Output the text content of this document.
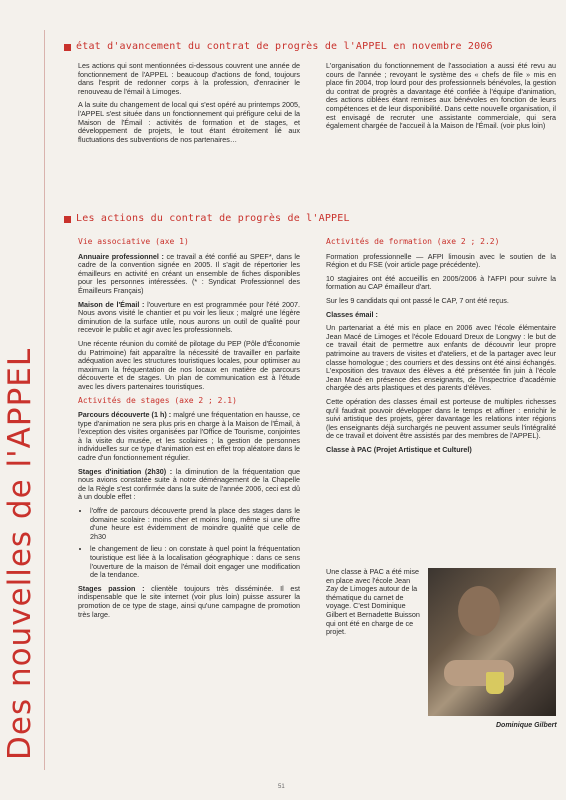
Des nouvelles de l'APPEL
état d'avancement du contrat de progrès de l'APPEL en novembre 2006

Les actions qui sont mentionnées ci-dessous couvrent une année de fonctionnement de l'APPEL : beaucoup d'actions de fond, toujours dans l'esprit de redonner corps à la profession, d'enraciner le renouveau de l'émail à Limoges.

A la suite du changement de local qui s'est opéré au printemps 2005, l'APPEL s'est située dans un fonctionnement qui préfigure celui de la Maison de l'Émail : activités de formation et de stages, et développement de projets, le tout étant étroitement lié aux fluctuations des subventions de nos partenaires…

L'organisation du fonctionnement de l'association a aussi été revu au cours de l'année ; revoyant le système des « chefs de file » mis en place fin 2004, trop lourd pour des professionnels bénévoles, la gestion du contrat de progrès a davantage été confiée à l'équipe d'animation, des actions ciblées étant remises aux bénévoles en fonction de leurs compétences et de leur disponibilité. Dans cette nouvelle organisation, il est envisagé de recruter une assistante commerciale, qui sera également chargée de l'accueil à la Maison de l'Émail. (voir plus loin)

Les actions du contrat de progrès de l'APPEL
Vie associative (axe 1)

Annuaire professionnel : ce travail a été confié au SPEF*, dans le cadre de la convention signée en 2005. Il s'agit de répertorier les émailleurs en activité en créant un ensemble de fiches disponibles pour les personnes intéressées. (* : Syndicat Professionnel des Émailleurs Français)

Maison de l'Émail : l'ouverture en est programmée pour l'été 2007. Nous avons visité le chantier et pu voir les lieux ; malgré une légère diminution de la surface utile, nous aurons un outil de qualité pour recevoir le public et agir avec les professionnels.

Une récente réunion du comité de pilotage du PEP (Pôle d'Économie du Patrimoine) fait apparaître la nécessité de travailler en parfaite adéquation avec les structures touristiques locales, pour optimiser au maximum la fréquentation de nos locaux en matière de parcours découverte et de stages. Un plan de communication est à l'étude avec les divers partenaires touristiques.

Activités de stages (axe 2 ; 2.1)

Parcours découverte (1 h) : malgré une fréquentation en hausse, ce type d'animation ne sera plus pris en charge à la Maison de l'Émail, à l'exception des visites organisées par l'Office de Tourisme, conjointes à la visite du musée, et les scolaires ; la gestion de personnes individuelles sur ce type d'animation est en effet trop aléatoire dans le cadre d'un fonctionnement régulier.

Stages d'initiation (2h30) : la diminution de la fréquentation que nous avions constatée suite à notre déménagement de la Chapelle de la Règle s'est confirmée dans la suite de l'année 2006, ceci est dû à un double effet :

• l'offre de parcours découverte prend la place des stages dans le domaine scolaire : moins cher et moins long, même si une offre d'une heure est évidemment de moindre qualité que celle de 2h30
• le changement de lieu : on constate à quel point la fréquentation touristique est liée à la localisation géographique : dans ce sens l'ouverture de la maison de l'émail doit engager une modification de la tendance.

Stages passion : clientèle toujours très disséminée. Il est indispensable que le site internet (voir plus loin) puisse assurer la promotion de ce type de stage, ainsi qu'une campagne de promotion très large.

Activités de formation (axe 2 ; 2.2)

Formation professionnelle — AFPI limousin avec le soutien de la Région et du FSE (voir article page précédente).

10 stagiaires ont été accueillis en 2005/2006 à l'AFPI pour suivre la formation au CAP émailleur d'art.

Sur les 9 candidats qui ont passé le CAP, 7 ont été reçus.

Classes émail :

Un partenariat a été mis en place en 2006 avec l'école élémentaire Jean Macé de Limoges et l'école Edouard Dreux de Longwy : le but de ce travail était de permettre aux enfants de découvrir leur propre patrimoine au travers de visites et d'ateliers, et de la partager avec leur classe homologue ; des courriers et des dessins ont été ainsi échangés. L'exposition des travaux des élèves a été présentée fin juin à l'école Jean Macé en présence des enseignants, de l'inspectrice d'académie chargée des arts plastiques et des parents d'élèves.

Cette opération des classes émail est porteuse de multiples richesses qu'il faudrait pouvoir développer dans le temps et affiner : enrichir le suivi artistique des projets, gérer davantage les relations inter régions (les enseignants déjà surchargés ne peuvent assumer seuls l'intégralité de ce travail et doivent être assistés par des membres de l'APPEL).

Classe à PAC (Projet Artistique et Culturel)

Une classe à PAC a été mise en place avec l'école Jean Zay de Limoges autour de la thématique du carnet de voyage. C'est Dominique Gilbert et Bernadette Buisson qui ont été en charge de ce projet.

Dominique Gilbert
51
